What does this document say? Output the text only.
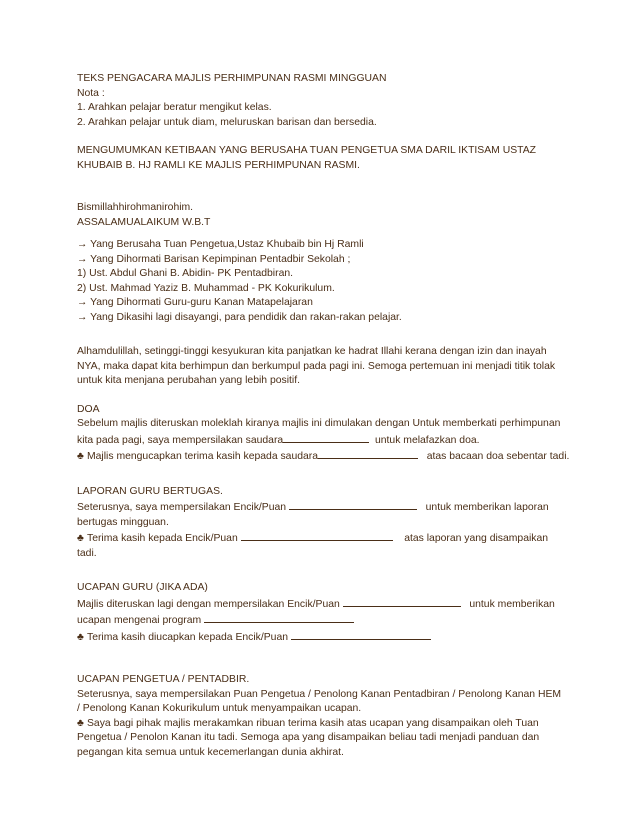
TEKS PENGACARA MAJLIS PERHIMPUNAN RASMI MINGGUAN
Nota :
1. Arahkan pelajar beratur mengikut kelas.
2. Arahkan pelajar untuk diam, meluruskan barisan dan bersedia.
MENGUMUMKAN KETIBAAN YANG BERUSAHA TUAN PENGETUA SMA DARIL IKTISAM USTAZ
KHUBAIB B. HJ RAMLI KE MAJLIS PERHIMPUNAN RASMI.
Bismillahhirohmanirohim.
ASSALAMUALAIKUM W.B.T
→ Yang Berusaha Tuan Pengetua,Ustaz Khubaib bin Hj Ramli
→ Yang Dihormati Barisan Kepimpinan Pentadbir Sekolah ;
1) Ust. Abdul Ghani B. Abidin- PK Pentadbiran.
2) Ust. Mahmad Yaziz B. Muhammad - PK Kokurikulum.
→ Yang Dihormati Guru-guru Kanan Matapelajaran
→ Yang Dikasihi lagi disayangi, para pendidik dan rakan-rakan pelajar.
Alhamdulillah, setinggi-tinggi kesyukuran kita panjatkan ke hadrat Illahi kerana dengan izin dan inayah
NYA, maka dapat kita berhimpun dan berkumpul pada pagi ini. Semoga pertemuan ini menjadi titik tolak
untuk kita menjana perubahan yang lebih positif.
DOA
Sebelum majlis diteruskan moleklah kiranya majlis ini dimulakan dengan Untuk memberkati perhimpunan
kita pada pagi, saya mempersilakan saudara	untuk melafazkan doa.
♣ Majlis mengucapkan terima kasih kepada saudara	atas bacaan doa sebentar tadi.
LAPORAN GURU BERTUGAS.
Seterusnya, saya mempersilakan Encik/Puan	untuk memberikan laporan
bertugas mingguan.
♣ Terima kasih kepada Encik/Puan	atas laporan yang disampaikan
tadi.
UCAPAN GURU (JIKA ADA)
Majlis diteruskan lagi dengan mempersilakan Encik/Puan	untuk memberikan
ucapan mengenai program
♣ Terima kasih diucapkan kepada Encik/Puan
UCAPAN PENGETUA / PENTADBIR.
Seterusnya, saya mempersilakan Puan Pengetua / Penolong Kanan Pentadbiran / Penolong Kanan HEM
/ Penolong Kanan Kokurikulum untuk menyampaikan ucapan.
♣ Saya bagi pihak majlis merakamkan ribuan terima kasih atas ucapan yang disampaikan oleh Tuan
Pengetua / Penolon Kanan itu tadi. Semoga apa yang disampaikan beliau tadi menjadi panduan dan
pegangan kita semua untuk kecemerlangan dunia akhirat.
